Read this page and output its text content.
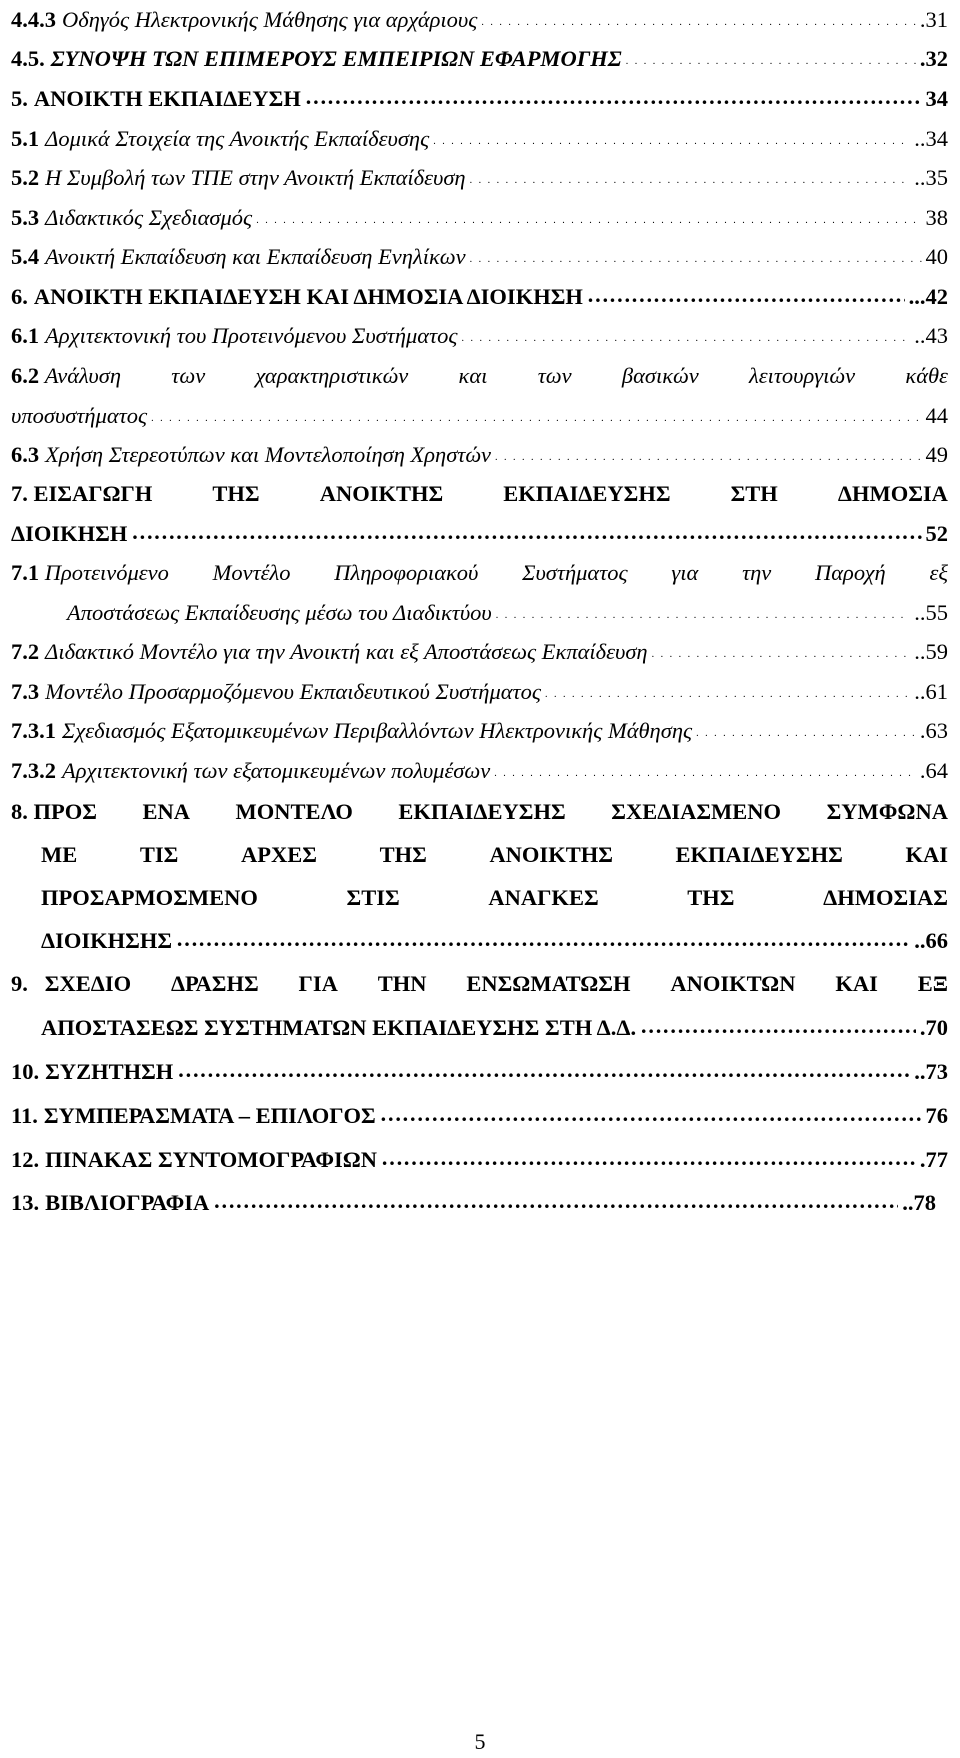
4.4.3 Οδηγός Ηλεκτρονικής Μάθησης για αρχάριους . . .	.31
4.5. ΣΥΝΟΨΗ ΤΩΝ ΕΠΙΜΕΡΟΥΣ ΕΜΠΕΙΡΙΩΝ ΕΦΑΡΜΟΓΗΣ . . .	.32
5. ΑΝΟΙΚΤΗ ΕΚΠΑΙΔΕΥΣΗ …………………………………………………………………………………………………………………………………………	34
5.1 Δομικά Στοιχεία της Ανοικτής Εκπαίδευσης . . .	..34
5.2 Η Συμβολή των ΤΠΕ στην Ανοικτή Εκπαίδευση . . .	..35
5.3 Διδακτικός Σχεδιασμός . . .	38
5.4 Ανοικτή Εκπαίδευση και Εκπαίδευση Ενηλίκων . . .	40
6. ΑΝΟΙΚΤΗ ΕΚΠΑΙΔΕΥΣΗ ΚΑΙ ΔΗΜΟΣΙΑ ΔΙΟΙΚΗΣΗ …………………………………………………………………………………………………………………………………………	...42
6.1 Αρχιτεκτονική του Προτεινόμενου Συστήματος . . .	..43
6.2 Ανάλυση των χαρακτηριστικών και των βασικών λειτουργιών κάθε
υποσυστήματος . . .	44
6.3 Χρήση Στερεοτύπων και Μοντελοποίηση Χρηστών . . .	49
7. ΕΙΣΑΓΩΓΗ	ΤΗΣ	ΑΝΟΙΚΤΗΣ	ΕΚΠΑΙΔΕΥΣΗΣ	ΣΤΗ	ΔΗΜΟΣΙΑ
ΔΙΟΙΚΗΣΗ …………………………………………………………………………………………………………………………………………	52
7.1 Προτεινόμενο Μοντέλο Πληροφοριακού Συστήματος για την Παροχή εξ
Αποστάσεως Εκπαίδευσης μέσω του Διαδικτύου . . .	..55
7.2 Διδακτικό Μοντέλο για την Ανοικτή και εξ Αποστάσεως Εκπαίδευση . . .	..59
7.3 Μοντέλο Προσαρμοζόμενου Εκπαιδευτικού Συστήματος . . .	..61
7.3.1 Σχεδιασμός Εξατομικευμένων Περιβαλλόντων Ηλεκτρονικής Μάθησης . . .	.63
7.3.2 Αρχιτεκτονική των εξατομικευμένων πολυμέσων . . .	.64
8. ΠΡΟΣ ΕΝΑ ΜΟΝΤΕΛΟ ΕΚΠΑΙΔΕΥΣΗΣ ΣΧΕΔΙΑΣΜΕΝΟ ΣΥΜΦΩΝΑ
ΜΕ	ΤΙΣ	ΑΡΧΕΣ	ΤΗΣ	ΑΝΟΙΚΤΗΣ	ΕΚΠΑΙΔΕΥΣΗΣ	ΚΑΙ
ΠΡΟΣΑΡΜΟΣΜΕΝΟ	ΣΤΙΣ	ΑΝΑΓΚΕΣ	ΤΗΣ	ΔΗΜΟΣΙΑΣ
ΔΙΟΙΚΗΣΗΣ …………………………………………………………………………………………………………………………………………	..66
9. ΣΧΕΔΙΟ ΔΡΑΣΗΣ ΓΙΑ ΤΗΝ ΕΝΣΩΜΑΤΩΣΗ ΑΝΟΙΚΤΩΝ ΚΑΙ ΕΞ
ΑΠΟΣΤΑΣΕΩΣ ΣΥΣΤΗΜΑΤΩΝ ΕΚΠΑΙΔΕΥΣΗΣ ΣΤΗ Δ.Δ. …………………………………………………………………………………………………………………………………………	.70
10. ΣΥΖΗΤΗΣΗ …………………………………………………………………………………………………………………………………………	..73
11. ΣΥΜΠΕΡΑΣΜΑΤΑ – ΕΠΙΛΟΓΟΣ …………………………………………………………………………………………………………………………………………	76
12. ΠΙΝΑΚΑΣ ΣΥΝΤΟΜΟΓΡΑΦΙΩΝ …………………………………………………………………………………………………………………………………………	.77
13. ΒΙΒΛΙΟΓΡΑΦΙΑ …………………………………………………………………………………………………………………………………………	..78
5
